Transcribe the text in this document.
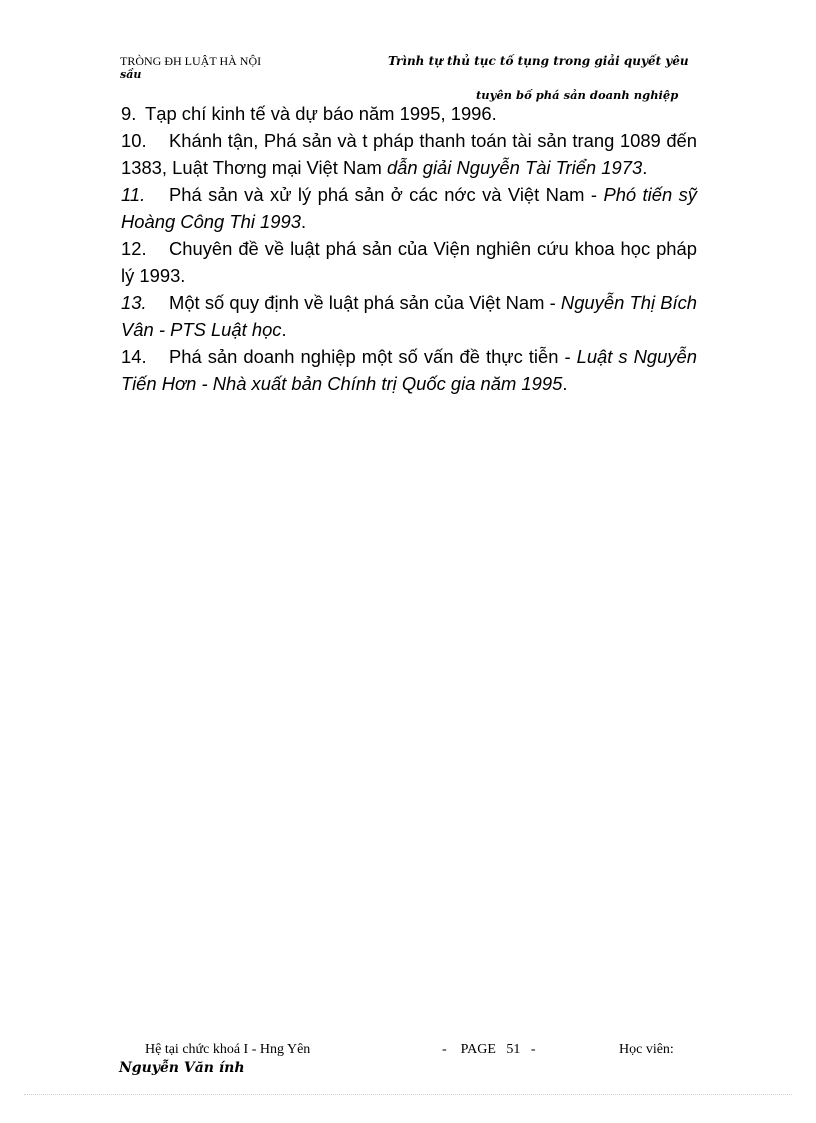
TRÒNG ĐH LUẬT HÀ NỘI
sầu
Trình tự thủ tục tố tụng trong giải quyết yêu
tuyên bố phá sản doanh nghiệp

9. Tạp chí kinh tế và dự báo năm 1995, 1996.

10. Khánh tận, Phá sản và t pháp thanh toán tài sản trang 1089 đến 1383, Luật Thơng mại Việt Nam dẫn giải Nguyễn Tài Triển 1973.

11. Phá sản và xử lý phá sản ở các nớc và Việt Nam - Phó tiến sỹ Hoàng Công Thi 1993.

12. Chuyên đề về luật phá sản của Viện nghiên cứu khoa học pháp lý 1993.

13. Một số quy định về luật phá sản của Việt Nam - Nguyễn Thị Bích Vân - PTS Luật học.

14. Phá sản doanh nghiệp một số vấn đề thực tiễn - Luật s Nguyễn Tiến Hơn - Nhà xuất bản Chính trị Quốc gia năm 1995.

Hệ tại chức khoá I - Hng Yên	-    PAGE   51   -	Học viên:
Nguyễn Văn ính
